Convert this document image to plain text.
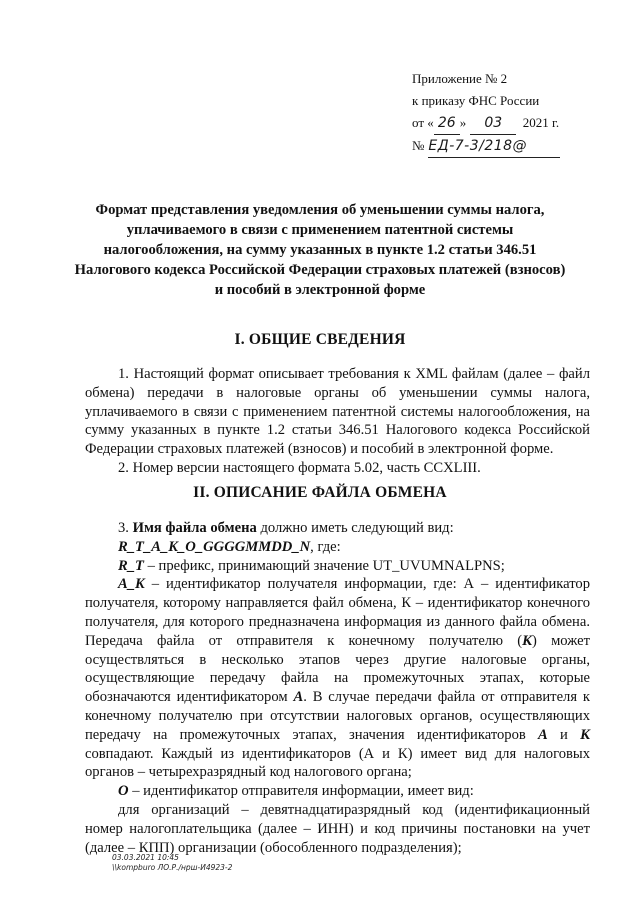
Приложение № 2
к приказу ФНС России
от « 26 » 03 2021 г.
№ ЕД-7-3/218@
Формат представления уведомления об уменьшении суммы налога,
уплачиваемого в связи с применением патентной системы
налогообложения, на сумму указанных в пункте 1.2 статьи 346.51
Налогового кодекса Российской Федерации страховых платежей (взносов)
и пособий в электронной форме
I. ОБЩИЕ СВЕДЕНИЯ

1. Настоящий формат описывает требования к XML файлам (далее – файл обмена) передачи в налоговые органы об уменьшении суммы налога, уплачиваемого в связи с применением патентной системы налогообложения, на сумму указанных в пункте 1.2 статьи 346.51 Налогового кодекса Российской Федерации страховых платежей (взносов) и пособий в электронной форме.

2. Номер версии настоящего формата 5.02, часть CCXLIII.

II. ОПИСАНИЕ ФАЙЛА ОБМЕНА

3. Имя файла обмена должно иметь следующий вид:

R_T_A_K_O_GGGGMMDD_N, где:

R_T – префикс, принимающий значение UT_UVUMNALPNS;

A_K – идентификатор получателя информации, где: А – идентификатор получателя, которому направляется файл обмена, К – идентификатор конечного получателя, для которого предназначена информация из данного файла обмена. Передача файла от отправителя к конечному получателю (К) может осуществляться в несколько этапов через другие налоговые органы, осуществляющие передачу файла на промежуточных этапах, которые обозначаются идентификатором А. В случае передачи файла от отправителя к конечному получателю при отсутствии налоговых органов, осуществляющих передачу на промежуточных этапах, значения идентификаторов А и К совпадают. Каждый из идентификаторов (А и К) имеет вид для налоговых органов – четырехразрядный код налогового органа;

O – идентификатор отправителя информации, имеет вид:

для организаций – девятнадцатиразрядный код (идентификационный номер налогоплательщика (далее – ИНН) и код причины постановки на учет (далее – КПП) организации (обособленного подразделения);

03.03.2021 10:45
\\kompburo ЛО.Р./нрш-И4923-2
